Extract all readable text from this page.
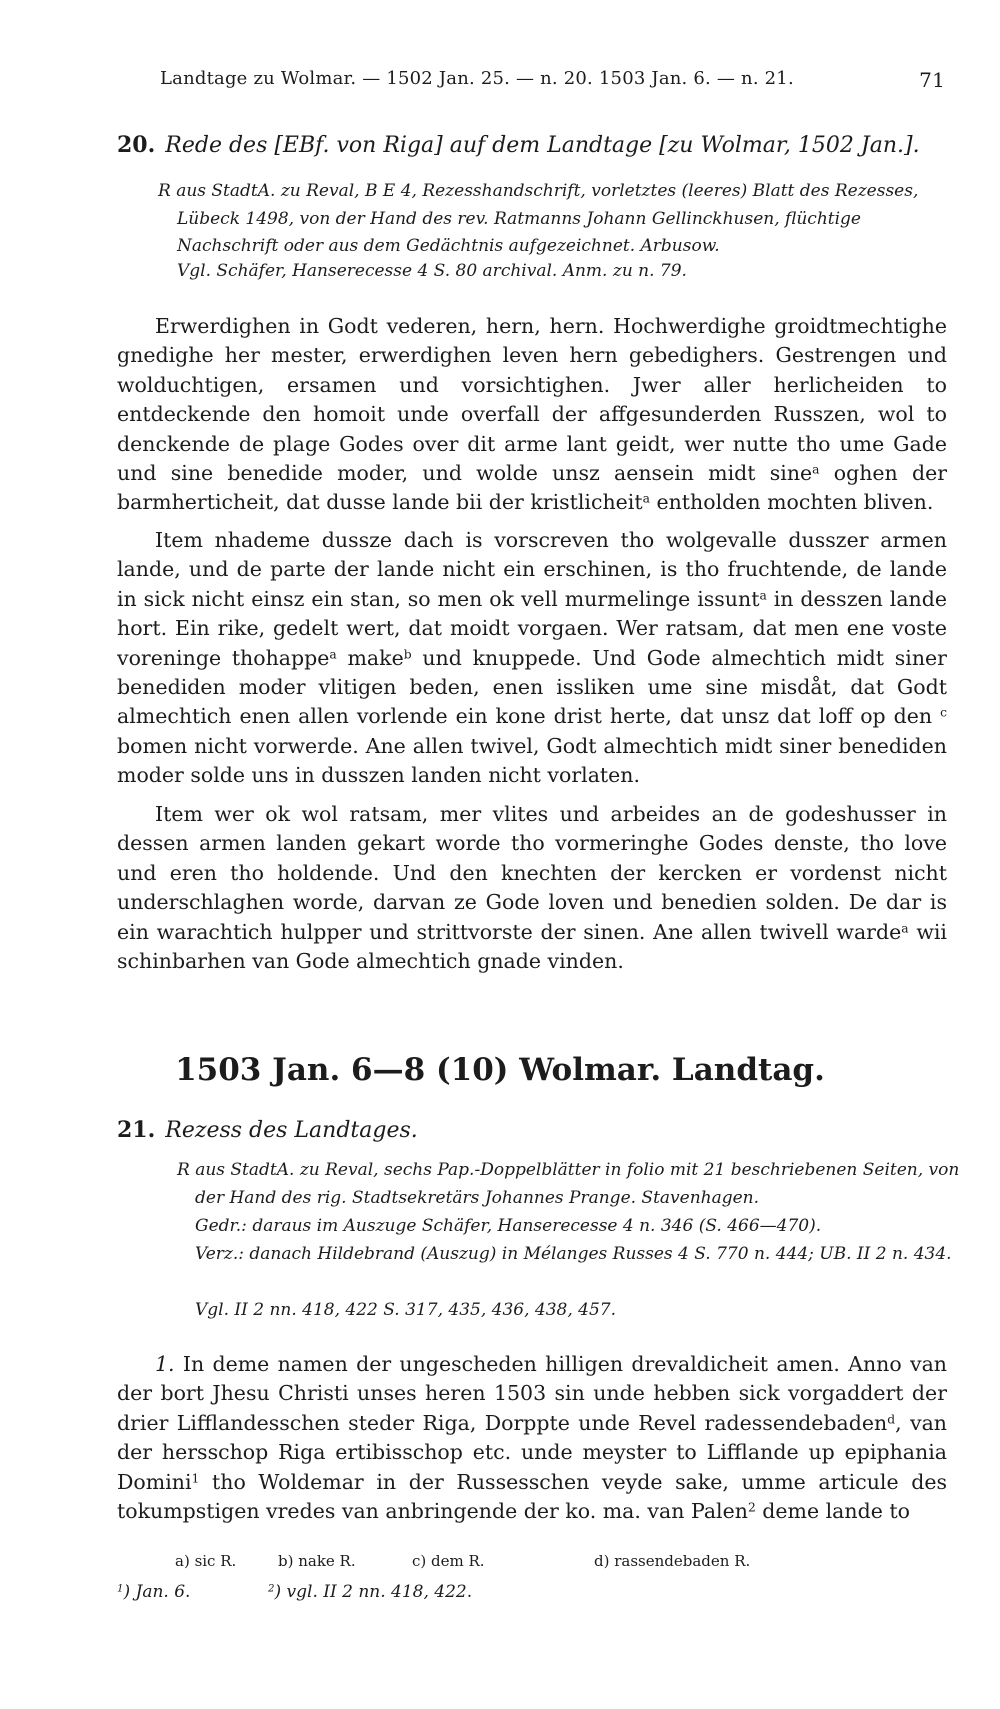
Landtage zu Wolmar. — 1502 Jan. 25. — n. 20. 1503 Jan. 6. — n. 21.	71
20. Rede des [EBf. von Riga] auf dem Landtage [zu Wolmar, 1502 Jan.].
R aus StadtA. zu Reval, B E 4, Rezesshandschrift, vorletztes (leeres) Blatt des Rezesses, Lübeck 1498, von der Hand des rev. Ratmanns Johann Gellinckhusen, flüchtige Nachschrift oder aus dem Gedächtnis aufgezeichnet. Arbusow.
Vgl. Schäfer, Hanserecesse 4 S. 80 archival. Anm. zu n. 79.
Erwerdighen in Godt vederen, hern, hern. Hochwerdighe groidtmechtighe gnedighe her mester, erwerdighen leven hern gebedighers. Gestrengen und wolduchtigen, ersamen und vorsichtighen. Jwer aller herlicheiden to entdeckende den homoit unde overfall der affgesunderden Russzen, wol to denckende de plage Godes over dit arme lant geidt, wer nutte tho ume Gade und sine benedide moder, und wolde unsz aensein midt sine$^a$ oghen der barmherticheit, dat dusse lande bii der kristlicheit$^a$ entholden mochten bliven.
Item nhademe dussze dach is vorscreven tho wolgevalle dusszer armen lande, und de parte der lande nicht ein erschinen, is tho fruchtende, de lande in sick nicht einsz ein stan, so men ok vell murmelinge issunt$^a$ in desszen lande hort. Ein rike, gedelt wert, dat moidt vorgaen. Wer ratsam, dat men ene voste voreninge thohappe$^a$ make$^b$ und knuppede. Und Gode almechtich midt siner benediden moder vlitigen beden, enen issliken ume sine misdåt, dat Godt almechtich enen allen vorlende ein kone drist herte, dat unsz dat loff op den $^c$ bomen nicht vorwerde. Ane allen twivel, Godt almechtich midt siner benediden moder solde uns in dusszen landen nicht vorlaten.
Item wer ok wol ratsam, mer vlites und arbeides an de godeshusser in dessen armen landen gekart worde tho vormeringhe Godes denste, tho love und eren tho holdende. Und den knechten der kercken er vordenst nicht underschlaghen worde, darvan ze Gode loven und benedien solden. De dar is ein warachtich hulpper und strittvorste der sinen. Ane allen twivell warde$^a$ wii schinbarhen van Gode almechtich gnade vinden.
1503 Jan. 6—8 (10) Wolmar. Landtag.
21. Rezess des Landtages.
R aus StadtA. zu Reval, sechs Pap.-Doppelblätter in folio mit 21 beschriebenen Seiten, von der Hand des rig. Stadtsekretärs Johannes Prange. Stavenhagen.
Gedr.: daraus im Auszuge Schäfer, Hanserecesse 4 n. 346 (S. 466—470).
Verz.: danach Hildebrand (Auszug) in Mélanges Russes 4 S. 770 n. 444; UB. II 2 n. 434.
Vgl. II 2 nn. 418, 422 S. 317, 435, 436, 438, 457.
1. In deme namen der ungescheden hilligen drevaldicheit amen. Anno van der bort Jhesu Christi unses heren 1503 sin unde hebben sick vorgaddert der drier Lifflandesschen steder Riga, Dorppte unde Revel radessendebaden$^d$, van der hersschop Riga ertibisschop etc. unde meyster to Lifflande up epiphania Domini$^1$ tho Woldemar in der Russesschen veyde sake, umme articule des tokumpstigen vredes van anbringende der ko. ma. van Palen$^2$ deme lande to
a) sic R.	b) nake R.	c) dem R.	d) rassendebaden R.
$^1$) Jan. 6.	$^2$) vgl. II 2 nn. 418, 422.
